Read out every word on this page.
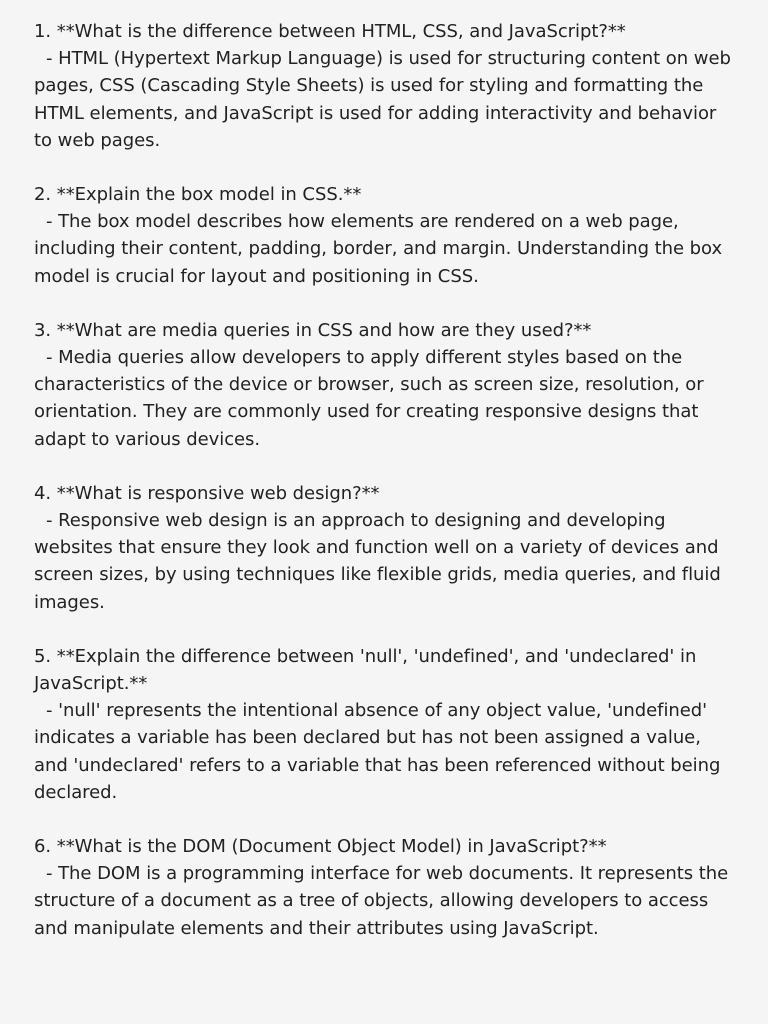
1. **What is the difference between HTML, CSS, and JavaScript?**

- HTML (Hypertext Markup Language) is used for structuring content on web pages, CSS (Cascading Style Sheets) is used for styling and formatting the HTML elements, and JavaScript is used for adding interactivity and behavior to web pages.

2. **Explain the box model in CSS.**

- The box model describes how elements are rendered on a web page, including their content, padding, border, and margin. Understanding the box model is crucial for layout and positioning in CSS.

3. **What are media queries in CSS and how are they used?**

- Media queries allow developers to apply different styles based on the characteristics of the device or browser, such as screen size, resolution, or orientation. They are commonly used for creating responsive designs that adapt to various devices.

4. **What is responsive web design?**

- Responsive web design is an approach to designing and developing websites that ensure they look and function well on a variety of devices and screen sizes, by using techniques like flexible grids, media queries, and fluid images.

5. **Explain the difference between 'null', 'undefined', and 'undeclared' in JavaScript.**

- 'null' represents the intentional absence of any object value, 'undefined' indicates a variable has been declared but has not been assigned a value, and 'undeclared' refers to a variable that has been referenced without being declared.

6. **What is the DOM (Document Object Model) in JavaScript?**

- The DOM is a programming interface for web documents. It represents the structure of a document as a tree of objects, allowing developers to access and manipulate elements and their attributes using JavaScript.
